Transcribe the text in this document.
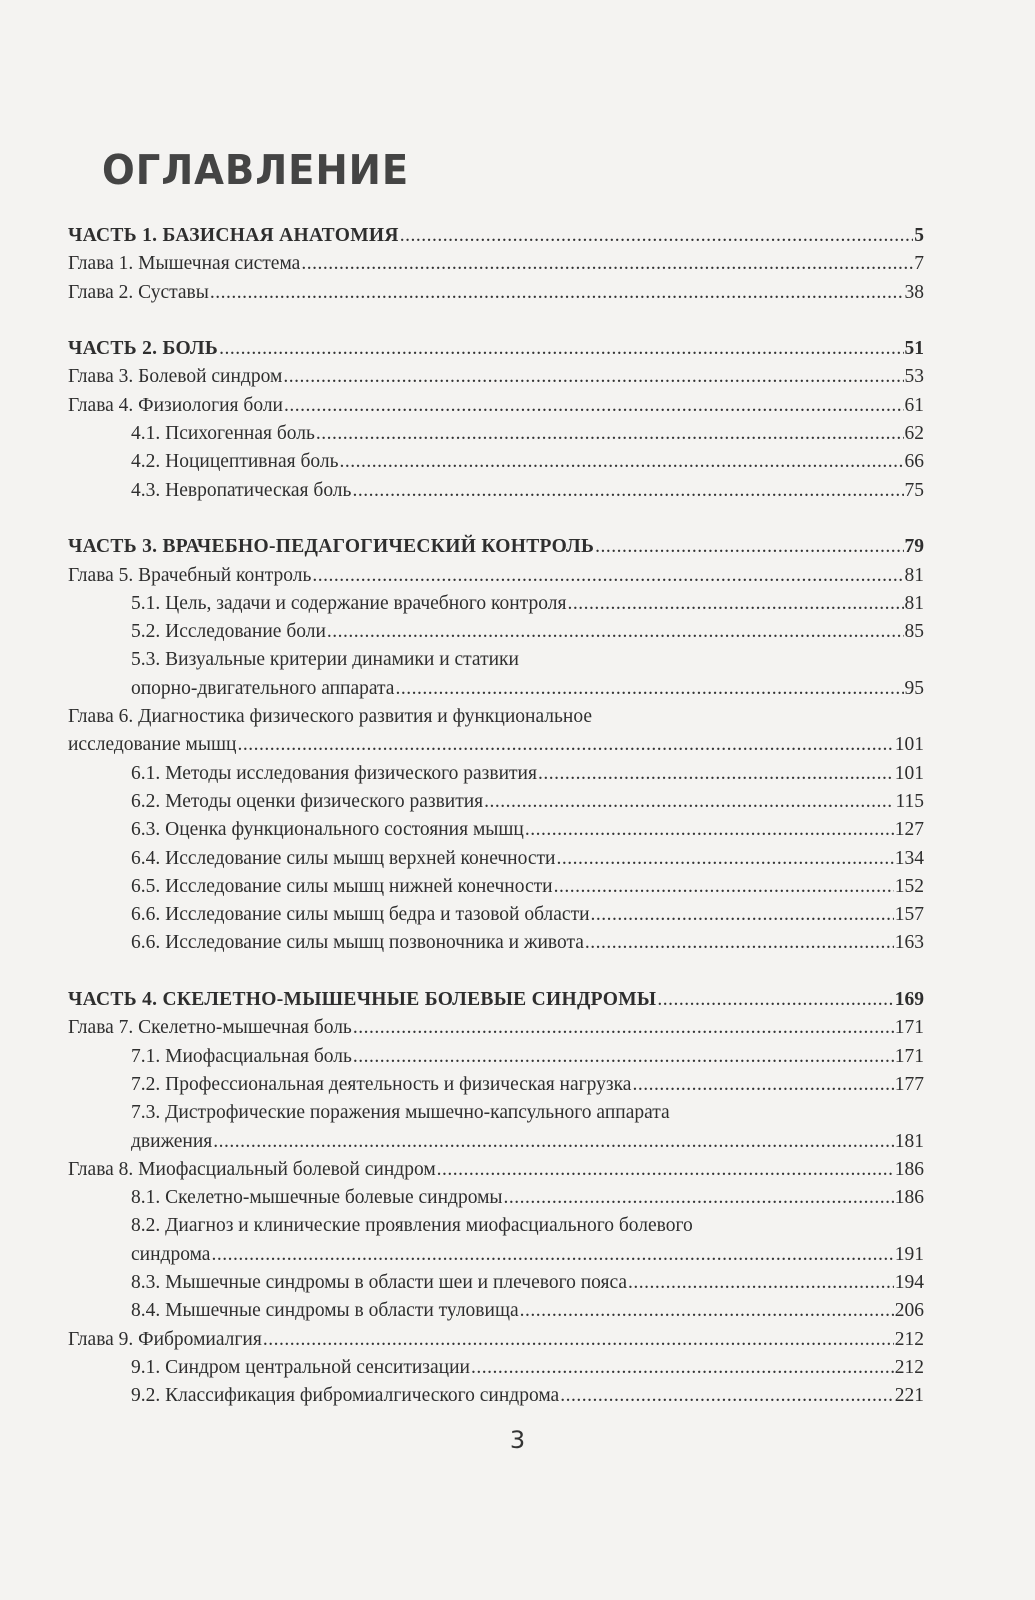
ОГЛАВЛЕНИЕ
ЧАСТЬ 1. БАЗИСНАЯ АНАТОМИЯ .....	5
Глава 1. Мышечная система .....	7
Глава 2. Суставы .....	38
ЧАСТЬ 2. БОЛЬ .....	51
Глава 3. Болевой синдром .....	53
Глава 4. Физиология боли .....	61
4.1. Психогенная боль .....	62
4.2. Ноцицептивная боль .....	66
4.3. Невропатическая боль .....	75
ЧАСТЬ 3. ВРАЧЕБНО-ПЕДАГОГИЧЕСКИЙ КОНТРОЛЬ .....	79
Глава 5. Врачебный контроль .....	81
5.1. Цель, задачи и содержание врачебного контроля .....	81
5.2. Исследование боли .....	85
5.3. Визуальные критерии динамики и статики
опорно-двигательного аппарата .....	95
Глава 6. Диагностика физического развития и функциональное
исследование мышц .....	101
6.1. Методы исследования физического развития .....	101
6.2. Методы оценки физического развития .....	115
6.3. Оценка функционального состояния мышц .....	127
6.4. Исследование силы мышц верхней конечности .....	134
6.5. Исследование силы мышц нижней конечности .....	152
6.6. Исследование силы мышц бедра и тазовой области .....	157
6.6. Исследование силы мышц позвоночника и живота .....	163
ЧАСТЬ 4. СКЕЛЕТНО-МЫШЕЧНЫЕ БОЛЕВЫЕ СИНДРОМЫ .....	169
Глава 7. Скелетно-мышечная боль .....	171
7.1. Миофасциальная боль .....	171
7.2. Профессиональная деятельность и физическая нагрузка .....	177
7.3. Дистрофические поражения мышечно-капсульного аппарата
движения .....	181
Глава 8. Миофасциальный болевой синдром .....	186
8.1. Скелетно-мышечные болевые синдромы .....	186
8.2. Диагноз и клинические проявления миофасциального болевого
синдрома .....	191
8.3. Мышечные синдромы в области шеи и плечевого пояса .....	194
8.4. Мышечные синдромы в области туловища .....	206
Глава 9. Фибромиалгия .....	212
9.1. Синдром центральной сенситизации .....	212
9.2. Классификация фибромиалгического синдрома .....	221
3
